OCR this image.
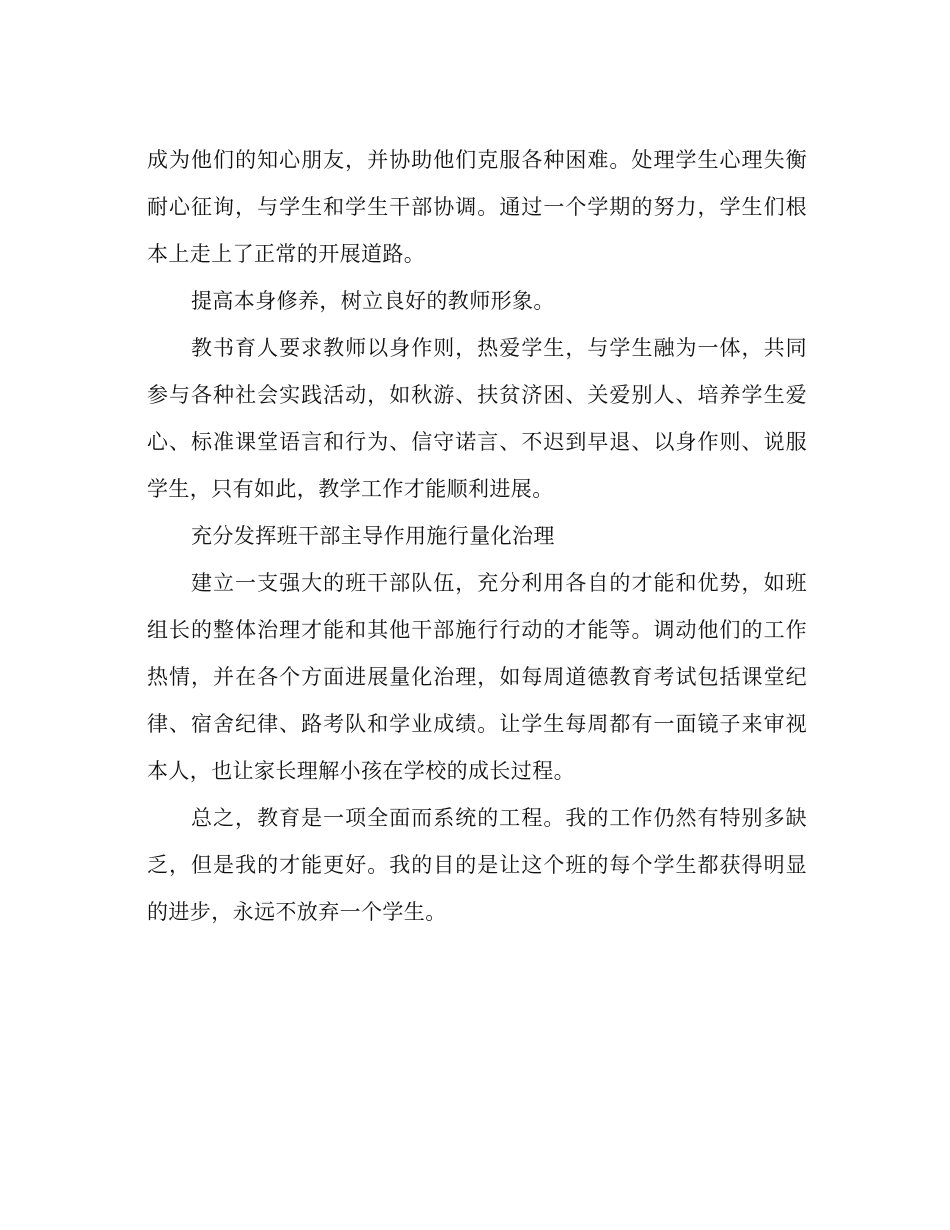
成为他们的知心朋友，并协助他们克服各种困难。处理学生心理失衡耐心征询，与学生和学生干部协调。通过一个学期的努力，学生们根本上走上了正常的开展道路。

提高本身修养，树立良好的教师形象。

教书育人要求教师以身作则，热爱学生，与学生融为一体，共同参与各种社会实践活动，如秋游、扶贫济困、关爱别人、培养学生爱心、标准课堂语言和行为、信守诺言、不迟到早退、以身作则、说服学生，只有如此，教学工作才能顺利进展。

充分发挥班干部主导作用施行量化治理

建立一支强大的班干部队伍，充分利用各自的才能和优势，如班组长的整体治理才能和其他干部施行行动的才能等。调动他们的工作热情，并在各个方面进展量化治理，如每周道德教育考试包括课堂纪律、宿舍纪律、路考队和学业成绩。让学生每周都有一面镜子来审视本人，也让家长理解小孩在学校的成长过程。

总之，教育是一项全面而系统的工程。我的工作仍然有特别多缺乏，但是我的才能更好。我的目的是让这个班的每个学生都获得明显的进步，永远不放弃一个学生。
